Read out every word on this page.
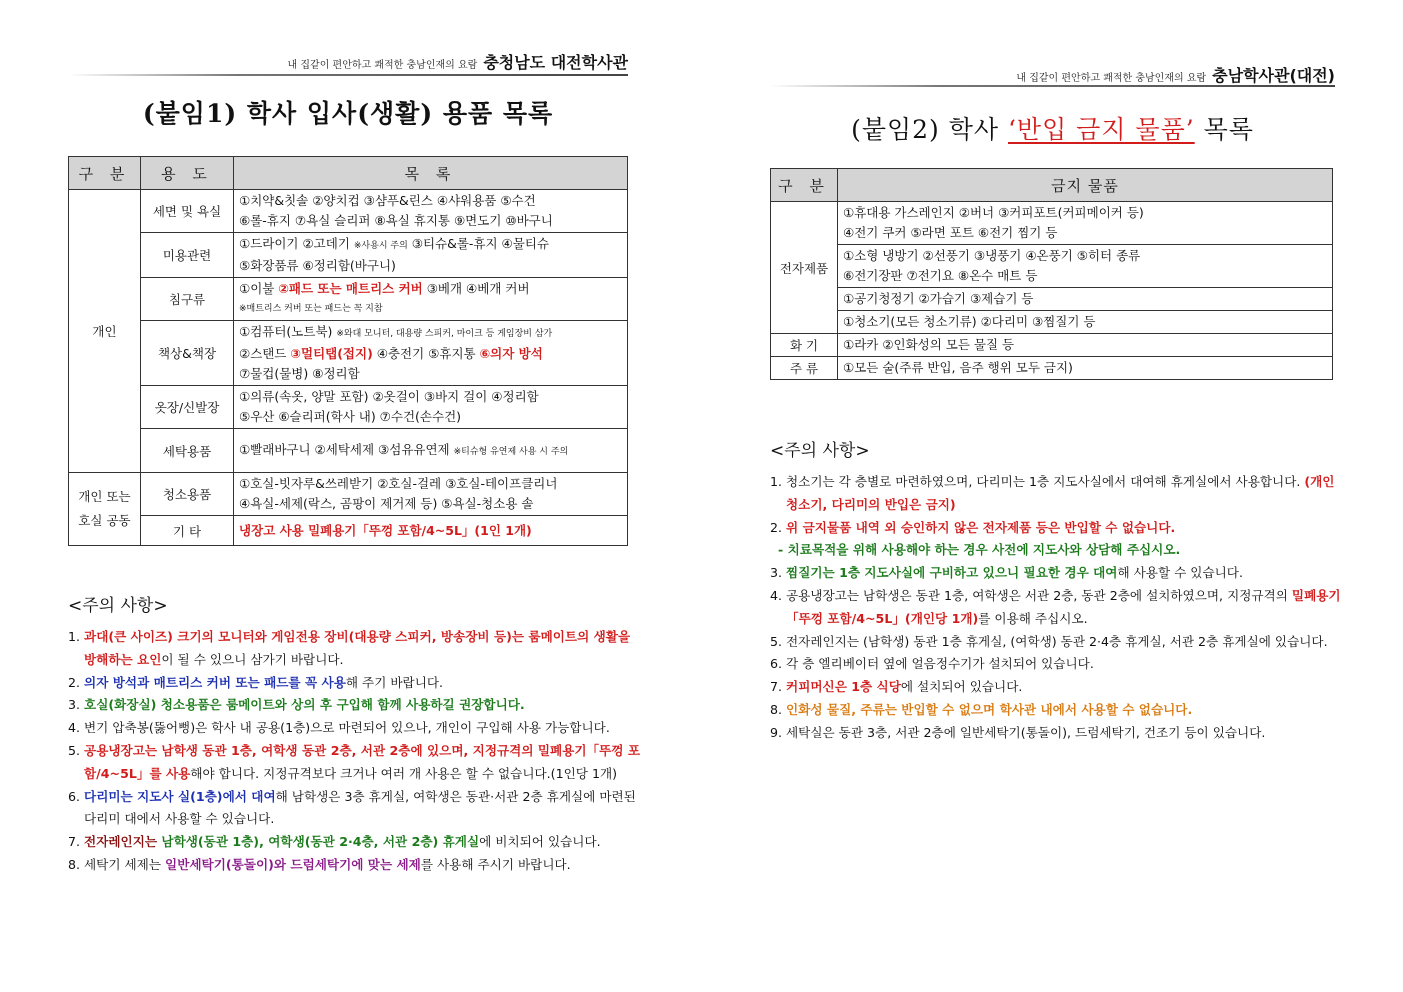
내 집같이 편안하고 쾌적한 충남인재의 요람 충청남도 대전학사관
(붙임1) 학사 입사(생활) 용품 목록
구 분	용 도	목 록
개인	세면 및 욕실	①치약&칫솔 ②양치컵 ③샴푸&린스 ④샤워용품 ⑤수건
⑥롤-휴지 ⑦욕실 슬리퍼 ⑧욕실 휴지통 ⑨면도기 ⑩바구니

	미용관련	①드라이기 ②고데기 ※사용시 주의 ③티슈&롤-휴지 ④물티슈
⑤화장품류 ⑥정리함(바구니)

	침구류	①이불 ②패드 또는 매트리스 커버 ③베개 ④베개 커버
※매트리스 커버 또는 패드는 꼭 지참

	책상&책장	①컴퓨터(노트북) ※와대 모니터, 대용량 스피커, 마이크 등 게임장비 삼가
②스탠드 ③멀티탭(접지) ④충전기 ⑤휴지통 ⑥의자 방석
⑦물컵(물병) ⑧정리함

	옷장/신발장	①의류(속옷, 양말 포함) ②옷걸이 ③바지 걸이 ④정리함
⑤우산 ⑥슬리퍼(학사 내) ⑦수건(손수건)

	세탁용품	①빨래바구니 ②세탁세제 ③섬유유연제 ※티슈형 유연제 사용 시 주의

개인 또는 호실 공동	청소용품	①호실-빗자루&쓰레받기 ②호실-걸레 ③호실-테이프클리너
④욕실-세제(락스, 곰팡이 제거제 등) ⑤욕실-청소용 솔

	기 타	냉장고 사용 밀폐용기「뚜껑 포함/4~5L」(1인 1개)
<주의 사항>
1. 과대(큰 사이즈) 크기의 모니터와 게임전용 장비(대용량 스피커, 방송장비 등)는 룸메이트의 생활을 방해하는 요인이 될 수 있으니 삼가기 바랍니다.
2. 의자 방석과 매트리스 커버 또는 패드를 꼭 사용해 주기 바랍니다.
3. 호실(화장실) 청소용품은 룸메이트와 상의 후 구입해 함께 사용하길 권장합니다.
4. 변기 압축봉(뚫어뻥)은 학사 내 공용(1층)으로 마련되어 있으나, 개인이 구입해 사용 가능합니다.
5. 공용냉장고는 남학생 동관 1층, 여학생 동관 2층, 서관 2층에 있으며, 지정규격의 밀폐용기「뚜껑 포함/4~5L」를 사용해야 합니다. 지정규격보다 크거나 여러 개 사용은 할 수 없습니다.(1인당 1개)
6. 다리미는 지도사 실(1층)에서 대여해 남학생은 3층 휴게실, 여학생은 동관·서관 2층 휴게실에 마련된 다리미 대에서 사용할 수 있습니다.
7. 전자레인지는 남학생(동관 1층), 여학생(동관 2·4층, 서관 2층) 휴게실에 비치되어 있습니다.
8. 세탁기 세제는 일반세탁기(통돌이)와 드럼세탁기에 맞는 세제를 사용해 주시기 바랍니다.
내 집같이 편안하고 쾌적한 충남인재의 요람 충남학사관(대전)
(붙임2) 학사 ‘반입 금지 물품’ 목록
구 분	금지 물품
전자제품	①휴대용 가스레인지 ②버너 ③커피포트(커피메이커 등)
④전기 쿠커 ⑤라면 포트 ⑥전기 찜기 등

	①소형 냉방기 ②선풍기 ③냉풍기 ④온풍기 ⑤히터 종류
⑥전기장판 ⑦전기요 ⑧온수 매트 등

	①공기청정기 ②가습기 ③제습기 등

	①청소기(모든 청소기류) ②다리미 ③찜질기 등

화 기	①라카 ②인화성의 모든 물질 등

주 류	①모든 술(주류 반입, 음주 행위 모두 금지)
<주의 사항>
1. 청소기는 각 층별로 마련하였으며, 다리미는 1층 지도사실에서 대여해 휴게실에서 사용합니다. (개인 청소기, 다리미의 반입은 금지)
2. 위 금지물품 내역 외 승인하지 않은 전자제품 등은 반입할 수 없습니다.
- 치료목적을 위해 사용해야 하는 경우 사전에 지도사와 상담해 주십시오.
3. 찜질기는 1층 지도사실에 구비하고 있으니 필요한 경우 대여해 사용할 수 있습니다.
4. 공용냉장고는 남학생은 동관 1층, 여학생은 서관 2층, 동관 2층에 설치하였으며, 지정규격의 밀폐용기「뚜껑 포함/4~5L」(개인당 1개)를 이용해 주십시오.
5. 전자레인지는 (남학생) 동관 1층 휴게실, (여학생) 동관 2·4층 휴게실, 서관 2층 휴게실에 있습니다.
6. 각 층 엘리베이터 옆에 얼음정수기가 설치되어 있습니다.
7. 커피머신은 1층 식당에 설치되어 있습니다.
8. 인화성 물질, 주류는 반입할 수 없으며 학사관 내에서 사용할 수 없습니다.
9. 세탁실은 동관 3층, 서관 2층에 일반세탁기(통돌이), 드럼세탁기, 건조기 등이 있습니다.
